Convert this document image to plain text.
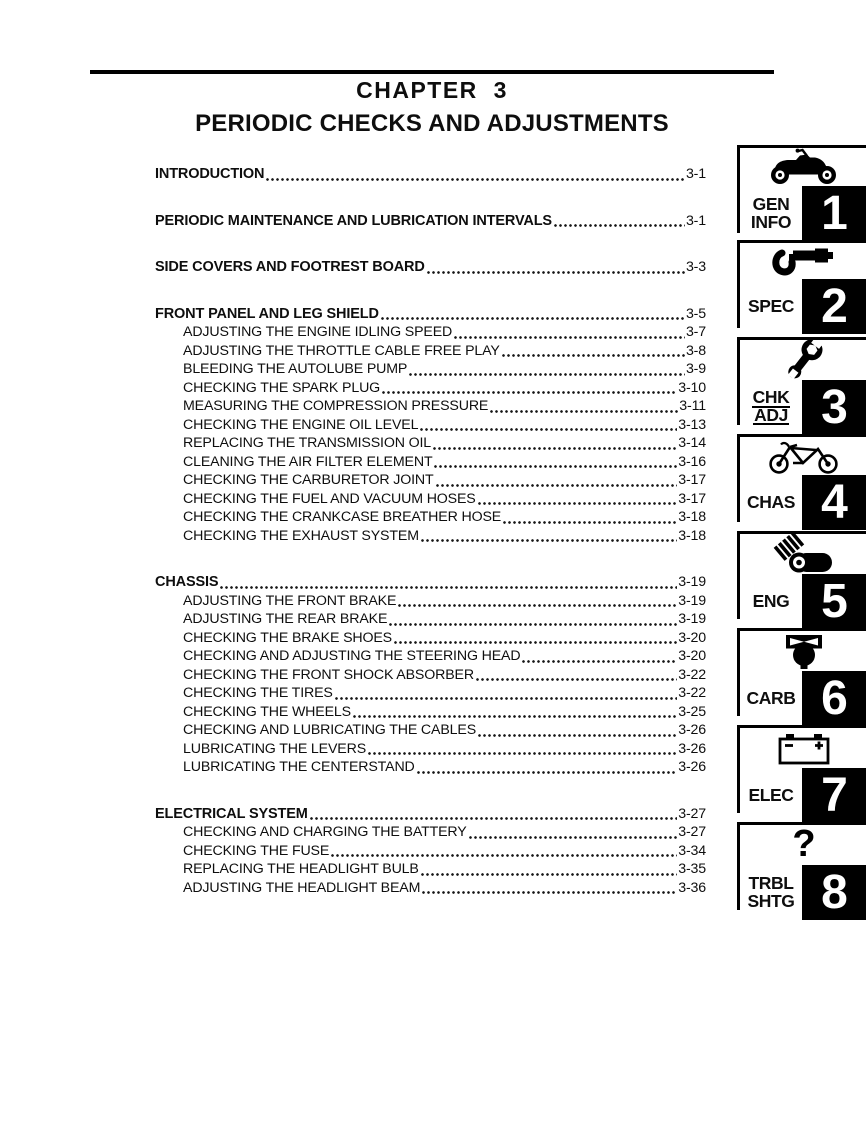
CHAPTER  3
PERIODIC CHECKS AND ADJUSTMENTS
INTRODUCTION	3-1
PERIODIC MAINTENANCE AND LUBRICATION INTERVALS	3-1
SIDE COVERS AND FOOTREST BOARD	3-3
FRONT PANEL AND LEG SHIELD	3-5
ADJUSTING THE ENGINE IDLING SPEED	3-7
ADJUSTING THE THROTTLE CABLE FREE PLAY	3-8
BLEEDING THE AUTOLUBE PUMP	3-9
CHECKING THE SPARK PLUG	3-10
MEASURING THE COMPRESSION PRESSURE	3-11
CHECKING THE ENGINE OIL LEVEL	3-13
REPLACING THE TRANSMISSION OIL	3-14
CLEANING THE AIR FILTER ELEMENT	3-16
CHECKING THE CARBURETOR JOINT	3-17
CHECKING THE FUEL AND VACUUM HOSES	3-17
CHECKING THE CRANKCASE BREATHER HOSE	3-18
CHECKING THE EXHAUST SYSTEM	3-18
CHASSIS	3-19
ADJUSTING THE FRONT BRAKE	3-19
ADJUSTING THE REAR BRAKE	3-19
CHECKING THE BRAKE SHOES	3-20
CHECKING AND ADJUSTING THE STEERING HEAD	3-20
CHECKING THE FRONT SHOCK ABSORBER	3-22
CHECKING THE TIRES	3-22
CHECKING THE WHEELS	3-25
CHECKING AND LUBRICATING THE CABLES	3-26
LUBRICATING THE LEVERS	3-26
LUBRICATING THE CENTERSTAND	3-26
ELECTRICAL SYSTEM	3-27
CHECKING AND CHARGING THE BATTERY	3-27
CHECKING THE FUSE	3-34
REPLACING THE HEADLIGHT BULB	3-35
ADJUSTING THE HEADLIGHT BEAM	3-36
GEN
INFO 1
SPEC 2
CHK
ADJ 3
CHAS 4
ENG 5
CARB 6
ELEC 7
?
TRBL
SHTG 8
